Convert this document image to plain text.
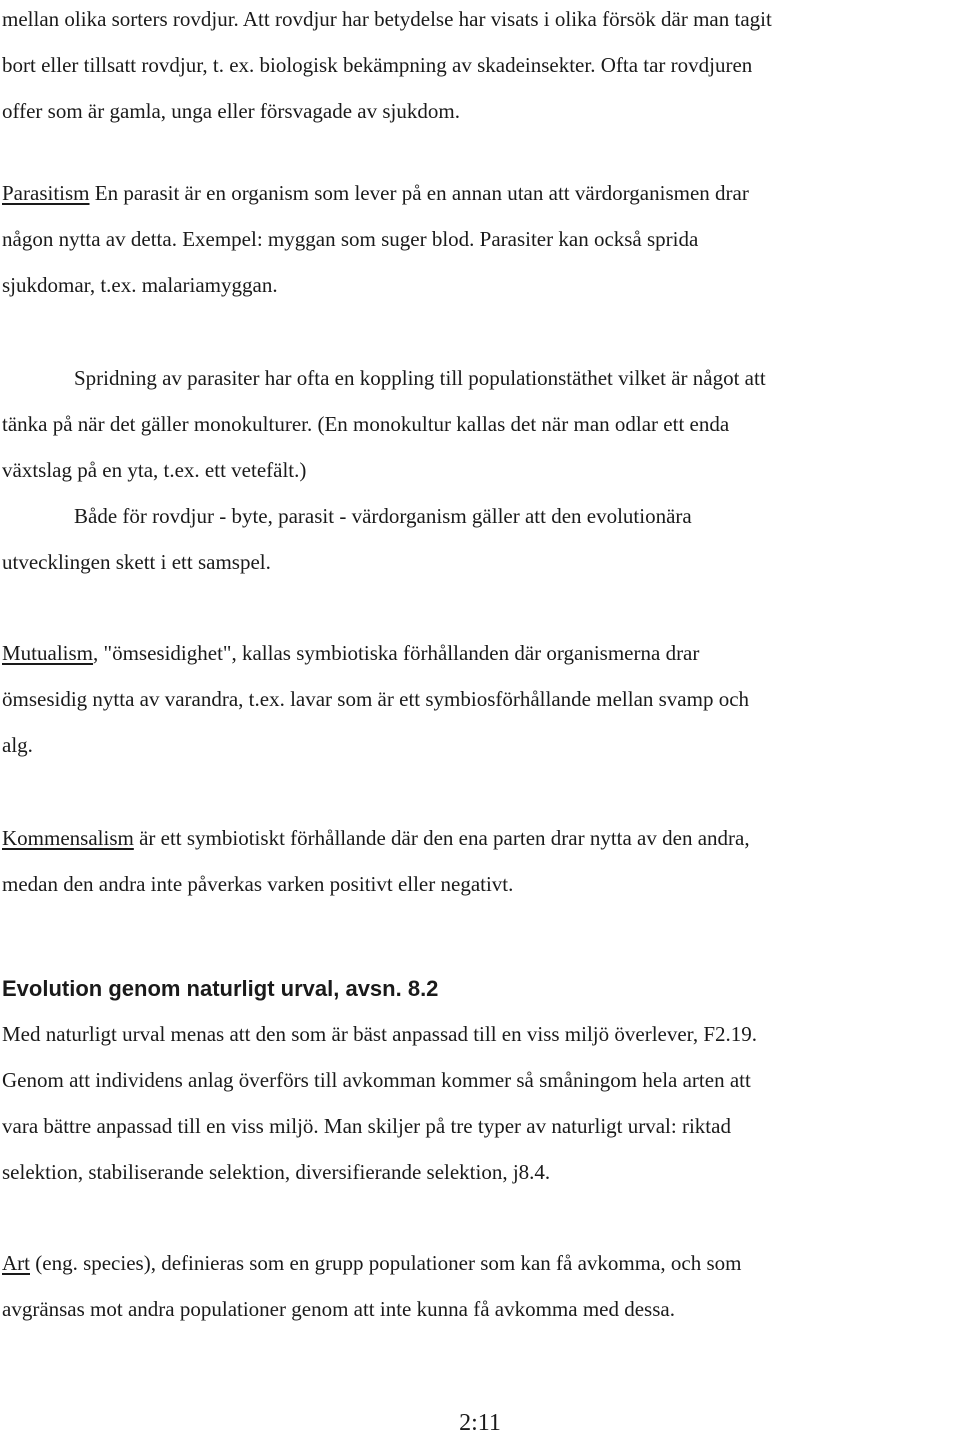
mellan olika sorters rovdjur. Att rovdjur har betydelse har visats i olika försök där man tagit
bort eller tillsatt rovdjur, t. ex. biologisk bekämpning av skadeinsekter. Ofta tar rovdjuren
offer som är gamla, unga eller försvagade av sjukdom.

Parasitism En parasit är en organism som lever på en annan utan att värdorganismen drar
någon nytta av detta. Exempel: myggan som suger blod. Parasiter kan också sprida
sjukdomar, t.ex. malariamyggan.

Spridning av parasiter har ofta en koppling till populationstäthet vilket är något att
tänka på när det gäller monokulturer. (En monokultur kallas det när man odlar ett enda
växtslag på en yta, t.ex. ett vetefält.)

Både för rovdjur - byte, parasit - värdorganism gäller att den evolutionära
utvecklingen skett i ett samspel.

Mutualism, "ömsesidighet", kallas symbiotiska förhållanden där organismerna drar
ömsesidig nytta av varandra, t.ex. lavar som är ett symbiosförhållande mellan svamp och
alg.

Kommensalism är ett symbiotiskt förhållande där den ena parten drar nytta av den andra,
medan den andra inte påverkas varken positivt eller negativt.

Evolution genom naturligt urval, avsn. 8.2

Med naturligt urval menas att den som är bäst anpassad till en viss miljö överlever, F2.19.
Genom att individens anlag överförs till avkomman kommer så småningom hela arten att
vara bättre anpassad till en viss miljö. Man skiljer på tre typer av naturligt urval: riktad
selektion, stabiliserande selektion, diversifierande selektion, j8.4.

Art (eng. species), definieras som en grupp populationer som kan få avkomma, och som
avgränsas mot andra populationer genom att inte kunna få avkomma med dessa.

2:11
